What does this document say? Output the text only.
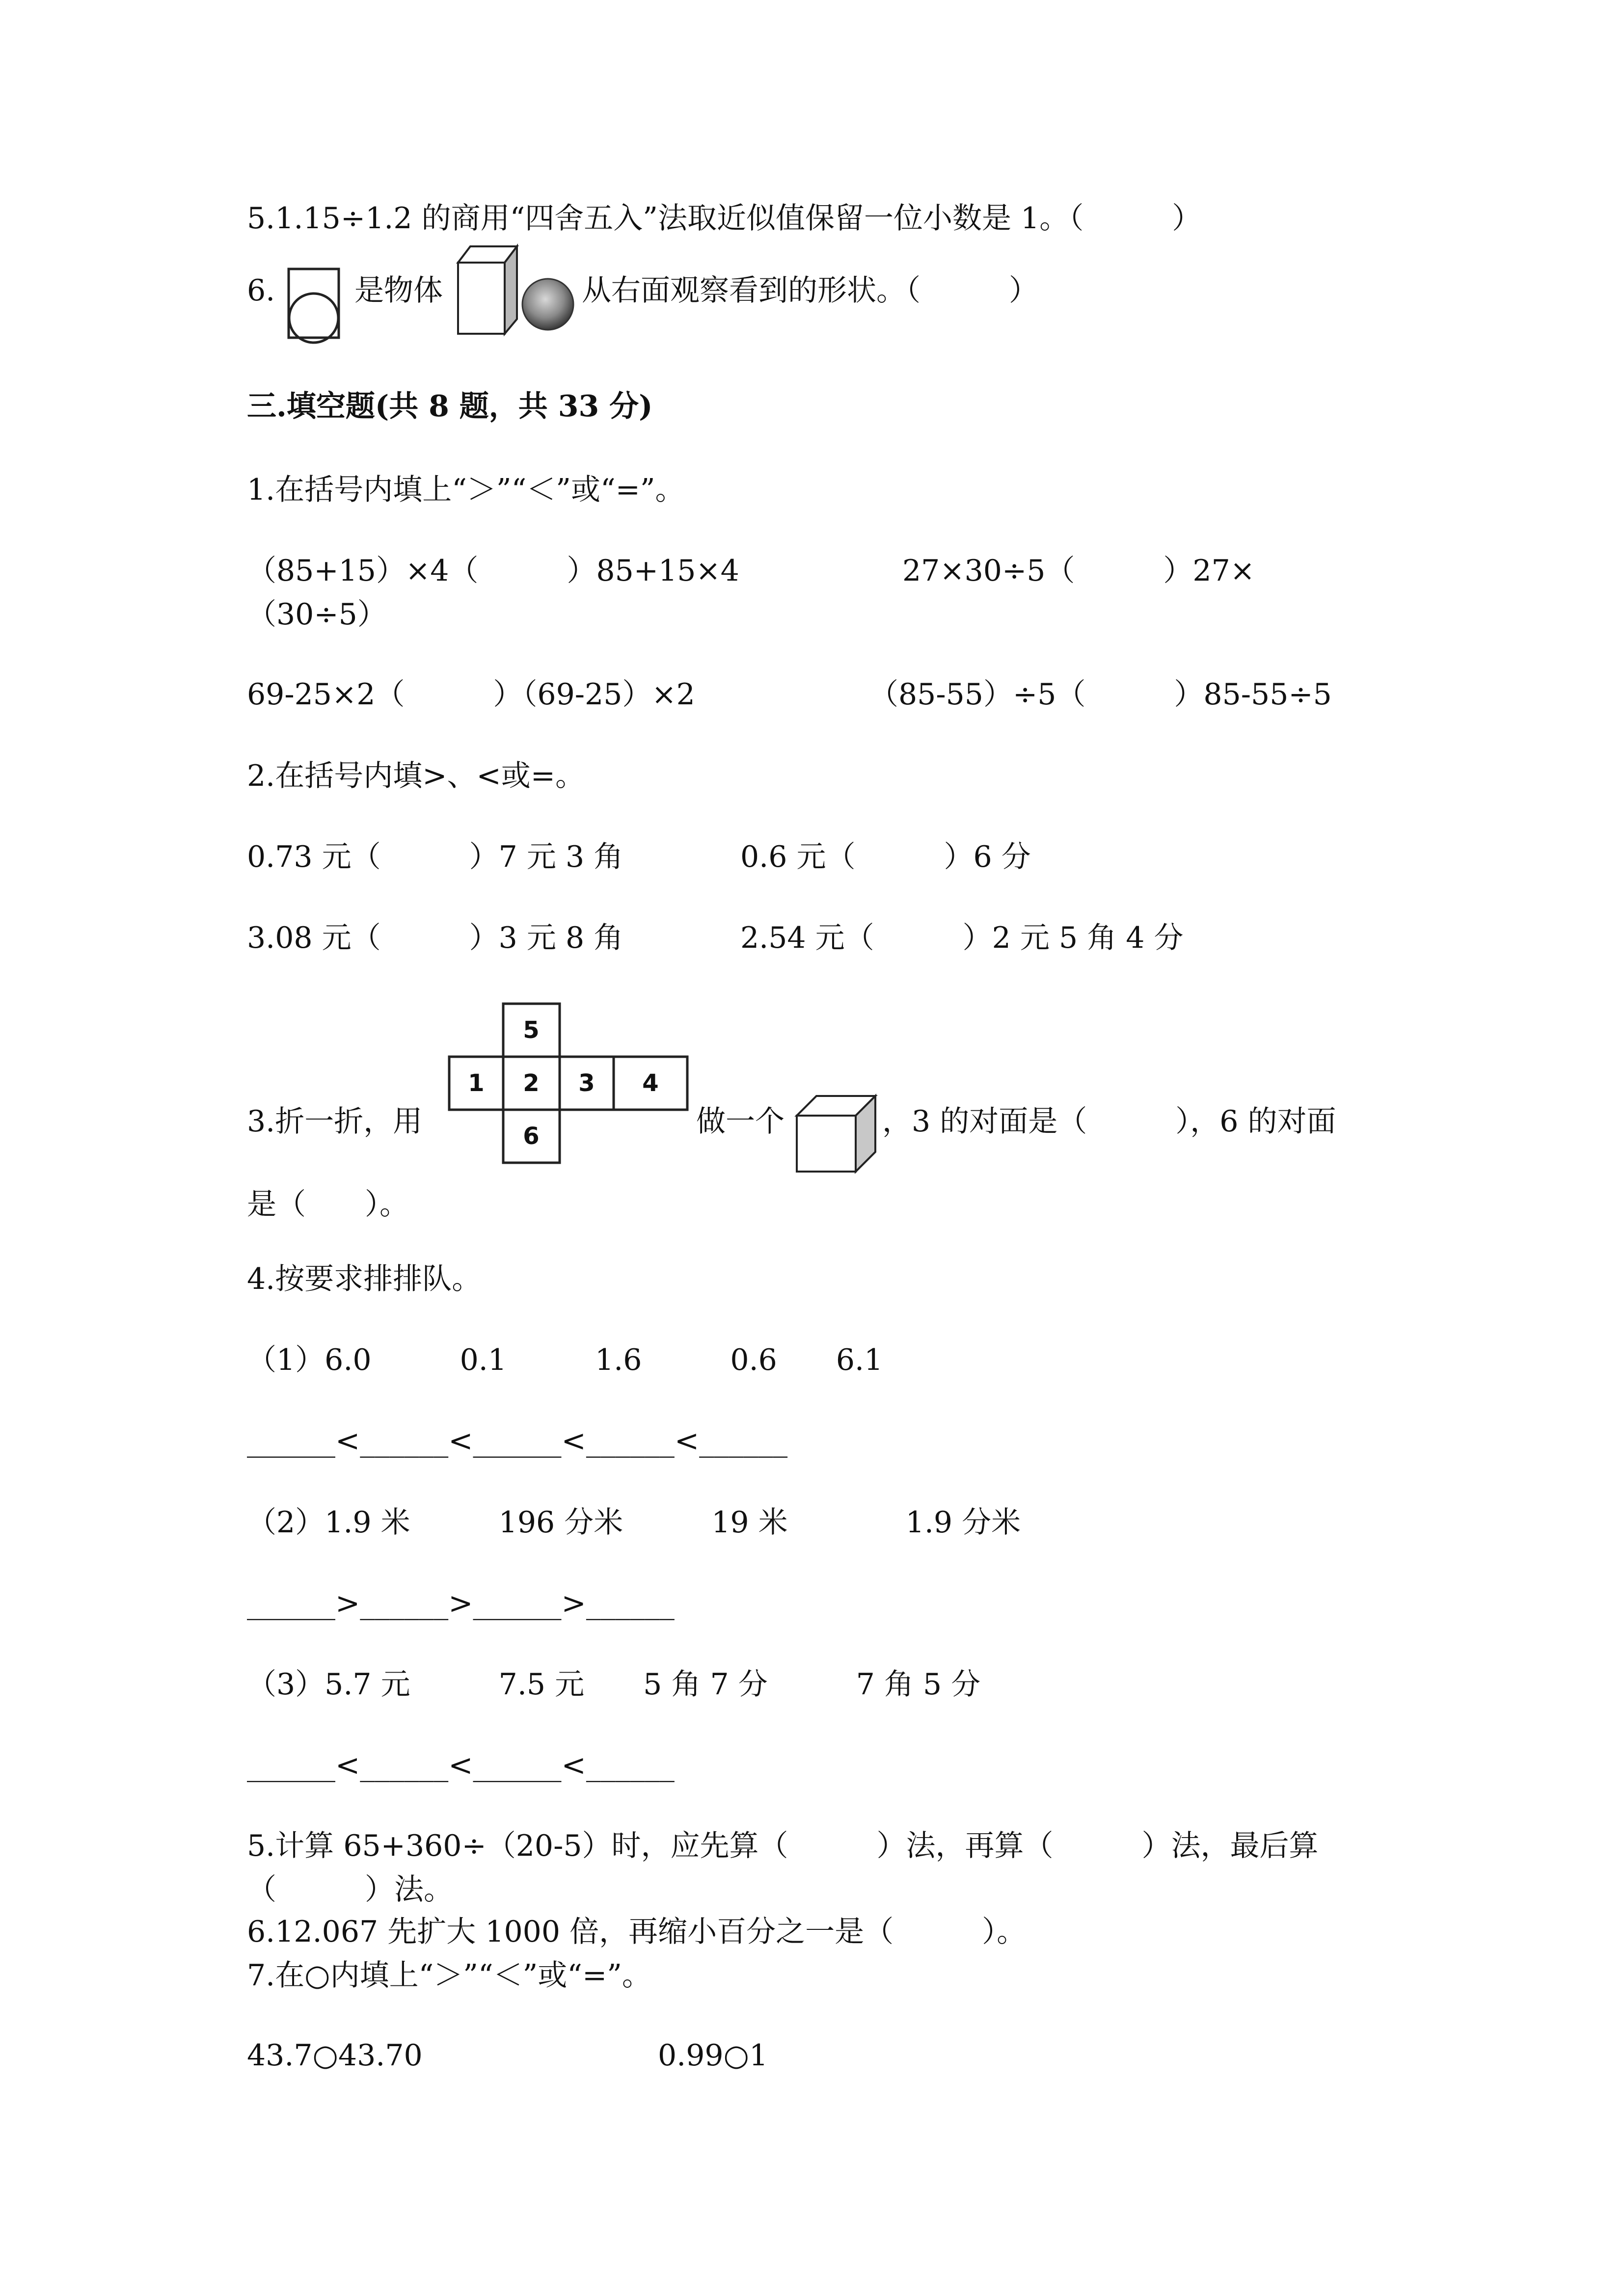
5.1.15÷1.2 的商用“四舍五入”法取近似值保留一位小数是 1。（　　　）
6.	是物体	从右面观察看到的形状。（　　　）
三.填空题(共 8 题，共 33 分)
1.在括号内填上“＞”“＜”或“=”。
（85+15）×4（　　　）85+15×4	27×30÷5（　　　）27×
（30÷5）
69-25×2（　　　）（69-25）×2	（85-55）÷5（　　　）85-55÷5
2.在括号内填>、<或=。
0.73 元（　　　）7 元 3 角	0.6 元（　　　）6 分
3.08 元（　　　）3 元 8 角	2.54 元（　　　）2 元 5 角 4 分
3.折一折，用
5
1 2 3 4
6	做一个	，3 的对面是（　　　），6 的对面
是（　　）。
4.按要求排排队。
（1）6.0　　　0.1　　　1.6　　　0.6　　6.1
______<______<______<______<______
（2）1.9 米　　　196 分米　　　19 米　　　　1.9 分米
______>______>______>______
（3）5.7 元　　　7.5 元　　5 角 7 分　　　7 角 5 分
______<______<______<______
5.计算 65+360÷（20-5）时，应先算（　　　）法，再算（　　　）法，最后算
（　　　）法。
6.12.067 先扩大 1000 倍，再缩小百分之一是（　　　）。
7.在○内填上“＞”“＜”或“=”。
43.7○43.70	0.99○1
